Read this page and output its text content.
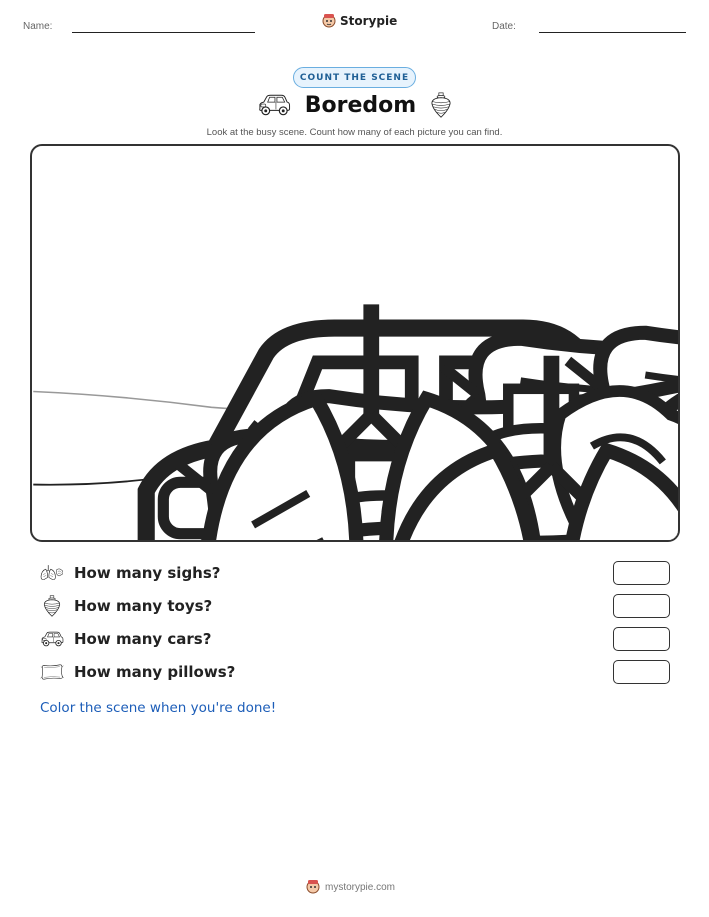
Name:	Storypie	Date:
COUNT THE SCENE
Boredom
Look at the busy scene. Count how many of each picture you can find.
How many sighs?
How many toys?
How many cars?
How many pillows?
Color the scene when you're done!
mystorypie.com
